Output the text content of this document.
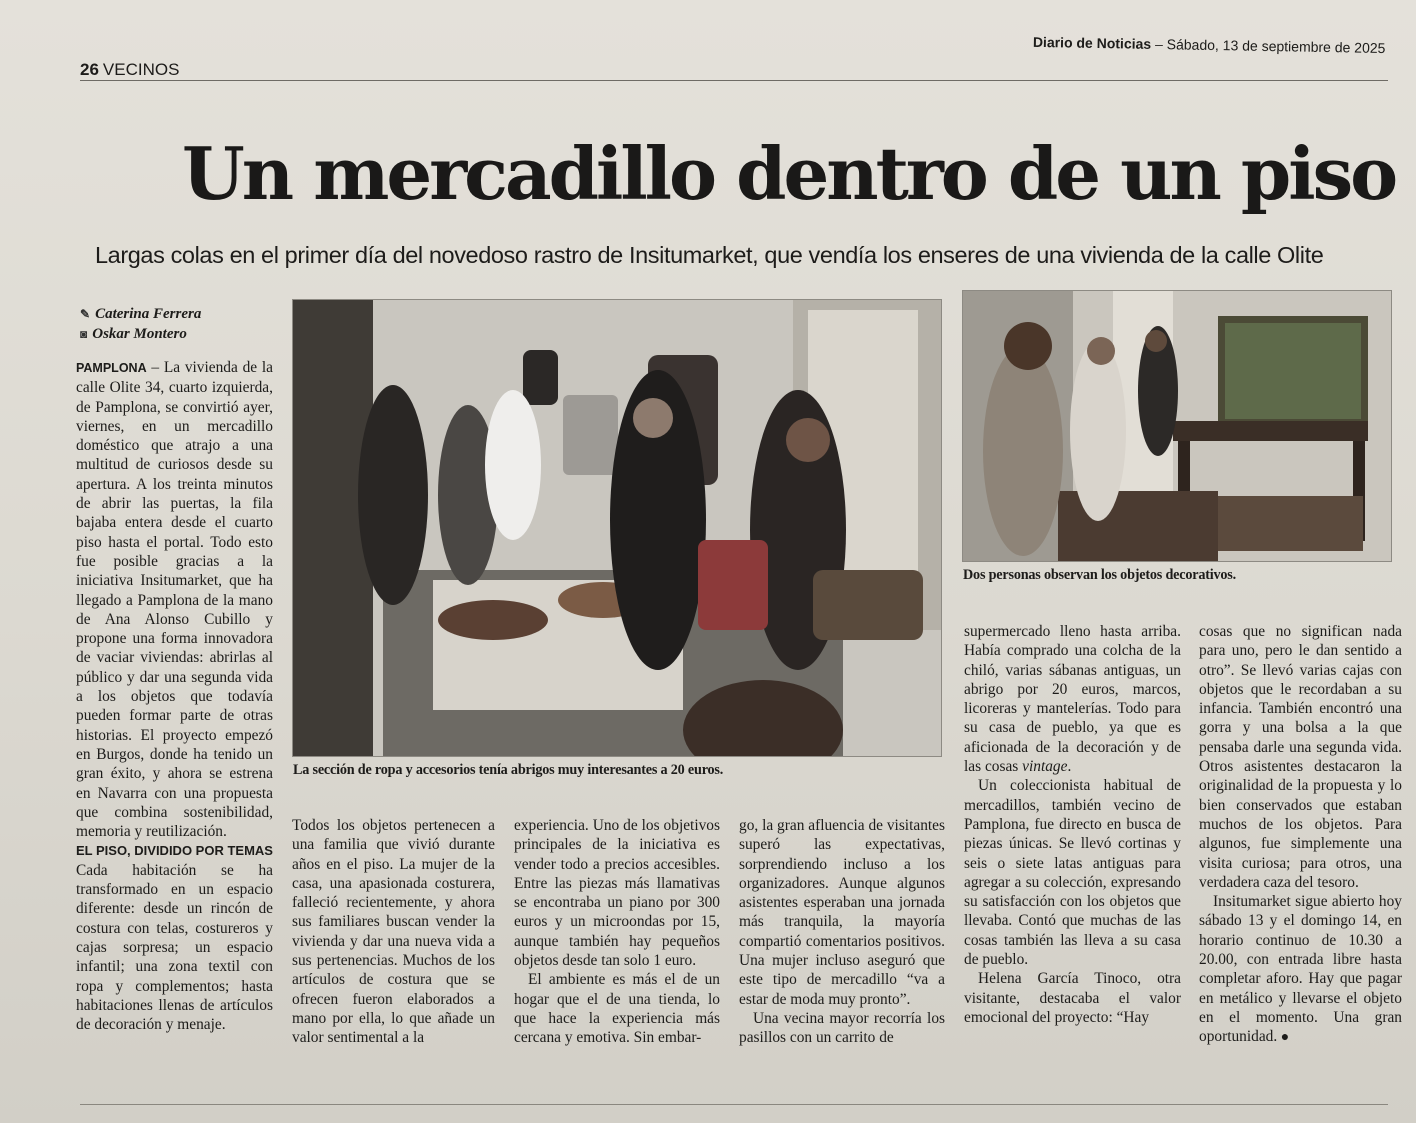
26 VECINOS
Diario de Noticias – Sábado, 13 de septiembre de 2025
Un mercadillo dentro de un piso
Largas colas en el primer día del novedoso rastro de Insitumarket, que vendía los enseres de una vivienda de la calle Olite
✎ Caterina Ferrera
◙ Oskar Montero

PAMPLONA – La vivienda de la calle Olite 34, cuarto izquierda, de Pamplona, se convirtió ayer, viernes, en un mercadillo doméstico que atrajo a una multitud de curiosos desde su apertura. A los treinta minutos de abrir las puertas, la fila bajaba entera desde el cuarto piso hasta el portal. Todo esto fue posible gracias a la iniciativa Insitumarket, que ha llegado a Pamplona de la mano de Ana Alonso Cubillo y propone una forma innovadora de vaciar viviendas: abrirlas al público y dar una segunda vida a los objetos que todavía pueden formar parte de otras historias. El proyecto empezó en Burgos, donde ha tenido un gran éxito, y ahora se estrena en Navarra con una propuesta que combina sostenibilidad, memoria y reutilización.

EL PISO, DIVIDIDO POR TEMAS

Cada habitación se ha transformado en un espacio diferente: desde un rincón de costura con telas, costureros y cajas sorpresa; un espacio infantil; una zona textil con ropa y complementos; hasta habitaciones llenas de artículos de decoración y menaje.

La sección de ropa y accesorios tenía abrigos muy interesantes a 20 euros.
Dos personas observan los objetos decorativos.

Todos los objetos pertenecen a una familia que vivió durante años en el piso. La mujer de la casa, una apasionada costurera, falleció recientemente, y ahora sus familiares buscan vender la vivienda y dar una nueva vida a sus pertenencias. Muchos de los artículos de costura que se ofrecen fueron elaborados a mano por ella, lo que añade un valor sentimental a la

experiencia. Uno de los objetivos principales de la iniciativa es vender todo a precios accesibles. Entre las piezas más llamativas se encontraba un piano por 300 euros y un microondas por 15, aunque también hay pequeños objetos desde tan solo 1 euro.

El ambiente es más el de un hogar que el de una tienda, lo que hace la experiencia más cercana y emotiva. Sin embar-

go, la gran afluencia de visitantes superó las expectativas, sorprendiendo incluso a los organizadores. Aunque algunos asistentes esperaban una jornada más tranquila, la mayoría compartió comentarios positivos. Una mujer incluso aseguró que este tipo de mercadillo “va a estar de moda muy pronto”.

Una vecina mayor recorría los pasillos con un carrito de

supermercado lleno hasta arriba. Había comprado una colcha de la chiló, varias sábanas antiguas, un abrigo por 20 euros, marcos, licoreras y mantelerías. Todo para su casa de pueblo, ya que es aficionada de la decoración y de las cosas vintage.

Un coleccionista habitual de mercadillos, también vecino de Pamplona, fue directo en busca de piezas únicas. Se llevó cortinas y seis o siete latas antiguas para agregar a su colección, expresando su satisfacción con los objetos que llevaba. Contó que muchas de las cosas también las lleva a su casa de pueblo.

Helena García Tinoco, otra visitante, destacaba el valor emocional del proyecto: “Hay

cosas que no significan nada para uno, pero le dan sentido a otro”. Se llevó varias cajas con objetos que le recordaban a su infancia. También encontró una gorra y una bolsa a la que pensaba darle una segunda vida. Otros asistentes destacaron la originalidad de la propuesta y lo bien conservados que estaban muchos de los objetos. Para algunos, fue simplemente una visita curiosa; para otros, una verdadera caza del tesoro.

Insitumarket sigue abierto hoy sábado 13 y el domingo 14, en horario continuo de 10.30 a 20.00, con entrada libre hasta completar aforo. Hay que pagar en metálico y llevarse el objeto en el momento. Una gran oportunidad. ●
